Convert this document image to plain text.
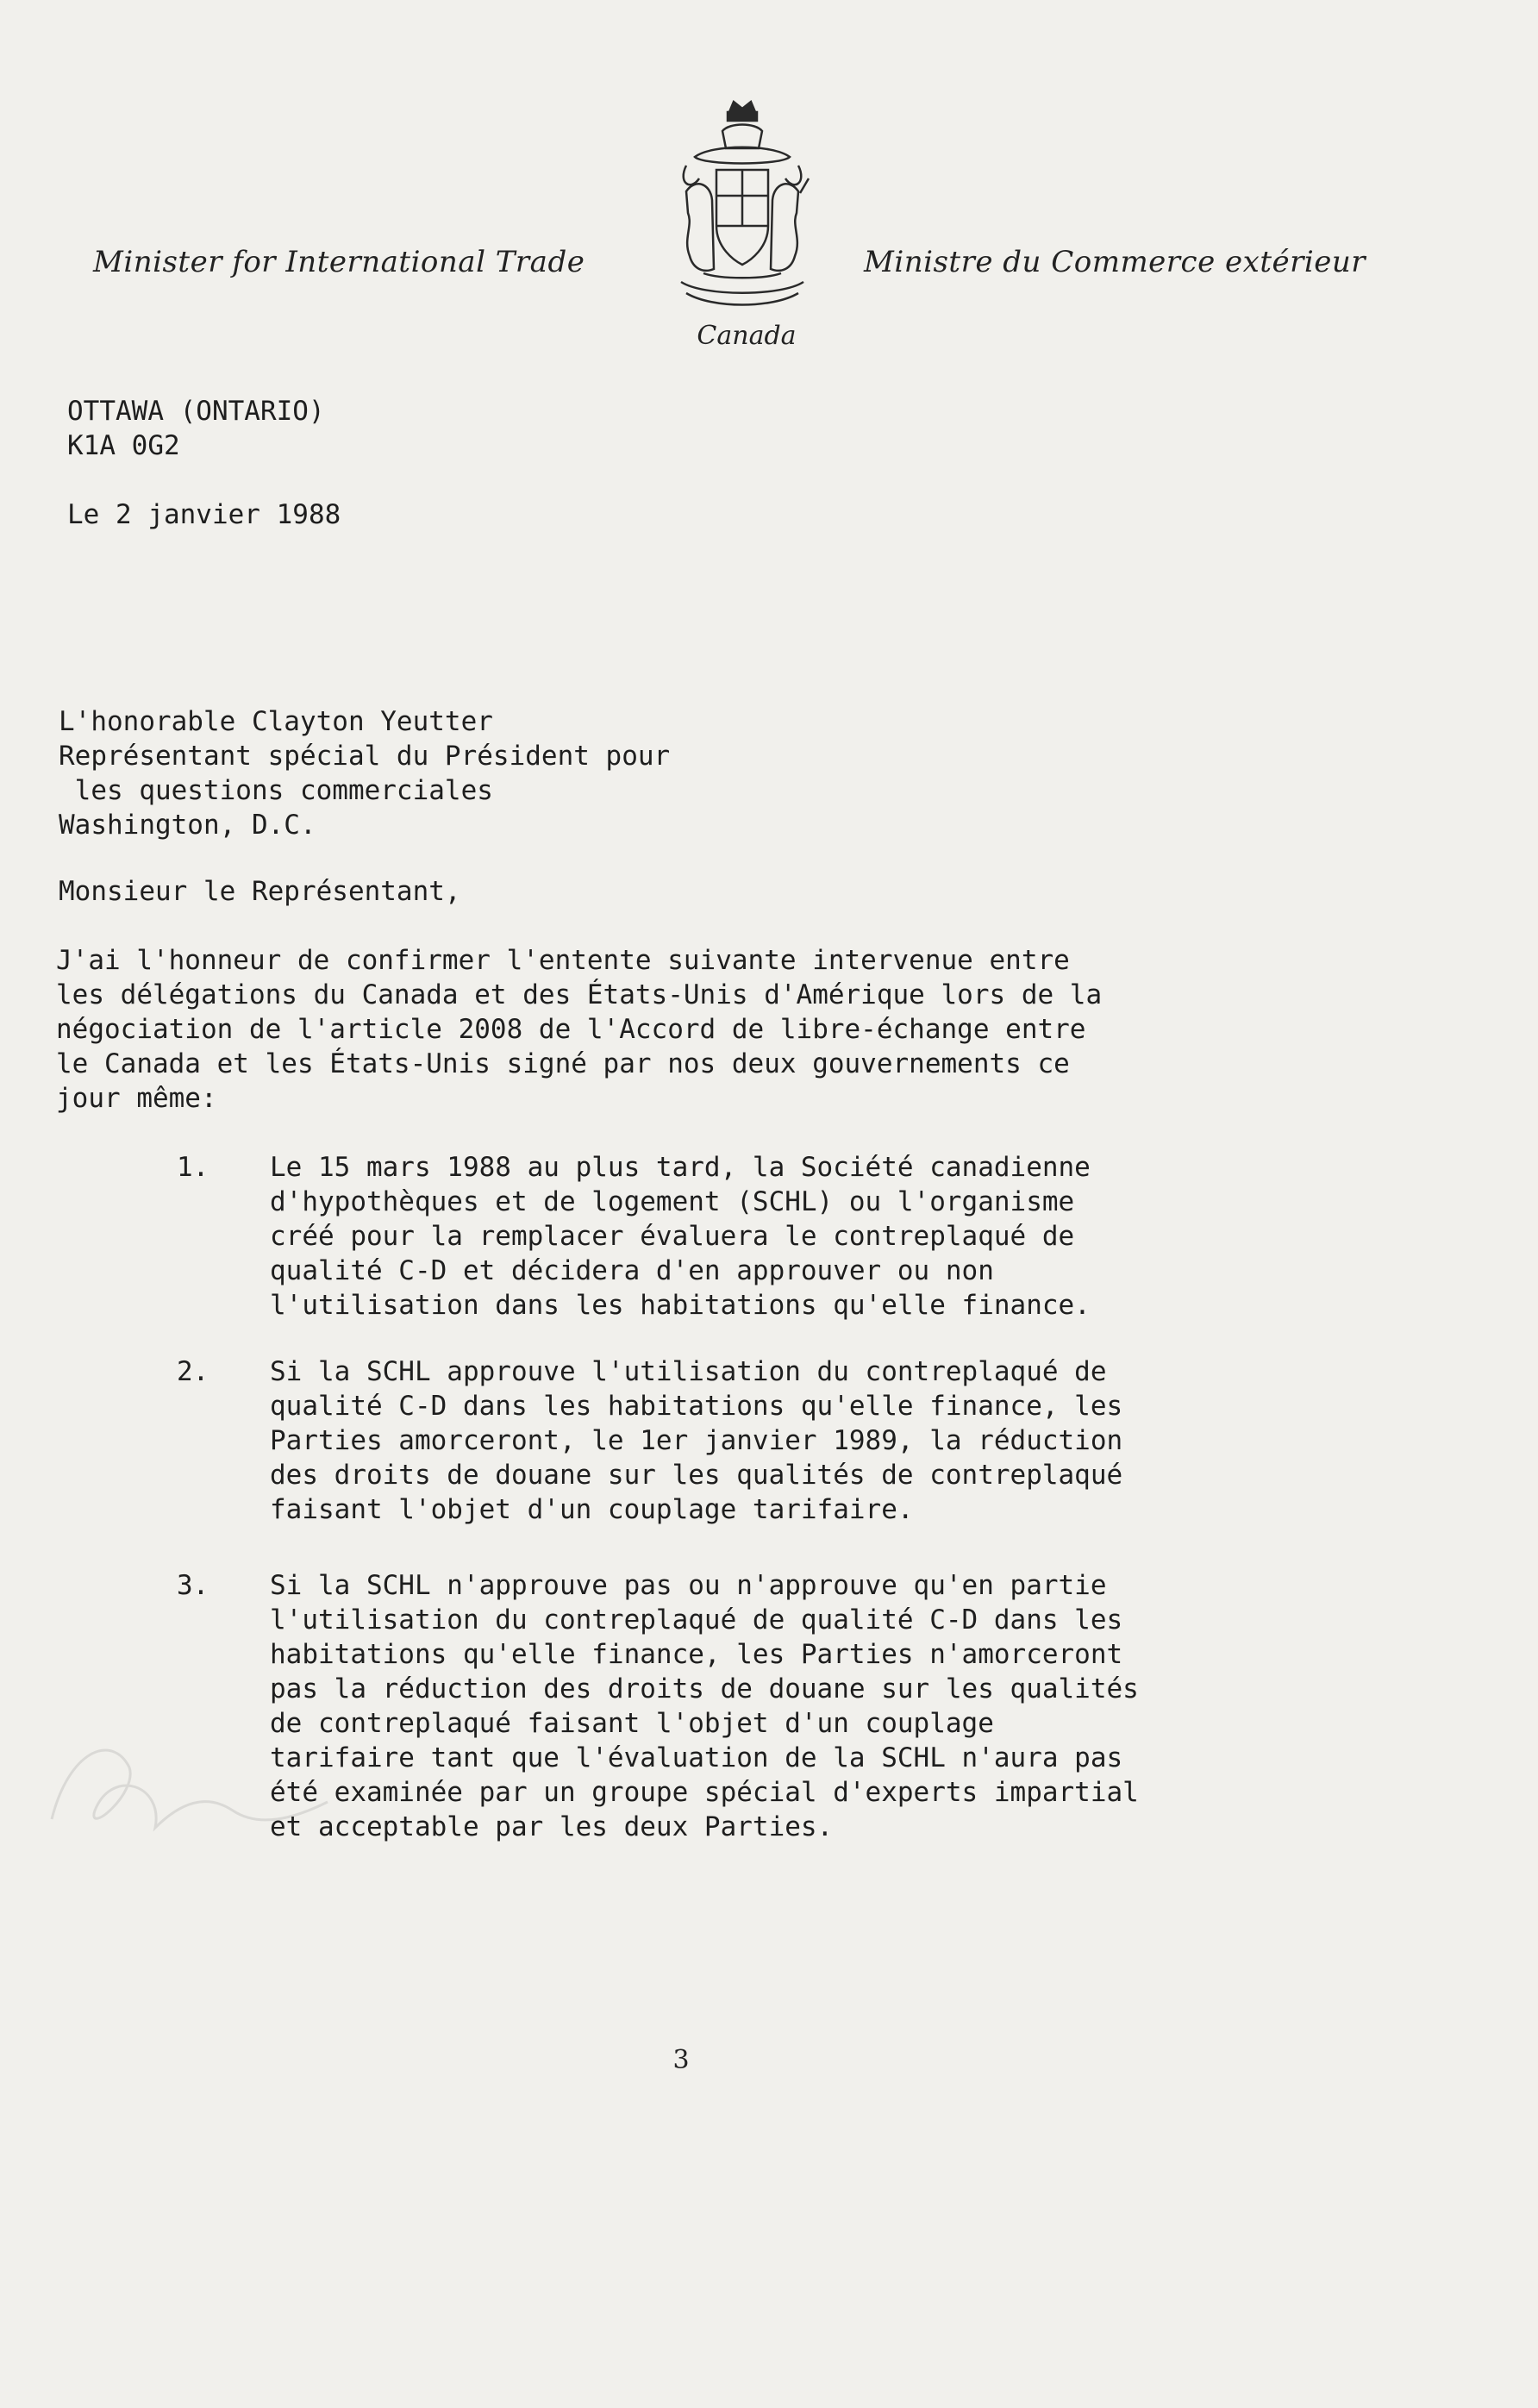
Minister for International Trade	Ministre du Commerce extérieur
Canada
OTTAWA (ONTARIO)
K1A 0G2
Le 2 janvier 1988
L'honorable Clayton Yeutter
Représentant spécial du Président pour
les questions commerciales
Washington, D.C.
Monsieur le Représentant,
J'ai l'honneur de confirmer l'entente suivante intervenue entre
les délégations du Canada et des États-Unis d'Amérique lors de la
négociation de l'article 2008 de l'Accord de libre-échange entre
le Canada et les États-Unis signé par nos deux gouvernements ce
jour même:
1. Le 15 mars 1988 au plus tard, la Société canadienne
d'hypothèques et de logement (SCHL) ou l'organisme
créé pour la remplacer évaluera le contreplaqué de
qualité C-D et décidera d'en approuver ou non
l'utilisation dans les habitations qu'elle finance.
2. Si la SCHL approuve l'utilisation du contreplaqué de
qualité C-D dans les habitations qu'elle finance, les
Parties amorceront, le 1er janvier 1989, la réduction
des droits de douane sur les qualités de contreplaqué
faisant l'objet d'un couplage tarifaire.
3. Si la SCHL n'approuve pas ou n'approuve qu'en partie
l'utilisation du contreplaqué de qualité C-D dans les
habitations qu'elle finance, les Parties n'amorceront
pas la réduction des droits de douane sur les qualités
de contreplaqué faisant l'objet d'un couplage
tarifaire tant que l'évaluation de la SCHL n'aura pas
été examinée par un groupe spécial d'experts impartial
et acceptable par les deux Parties.
3
